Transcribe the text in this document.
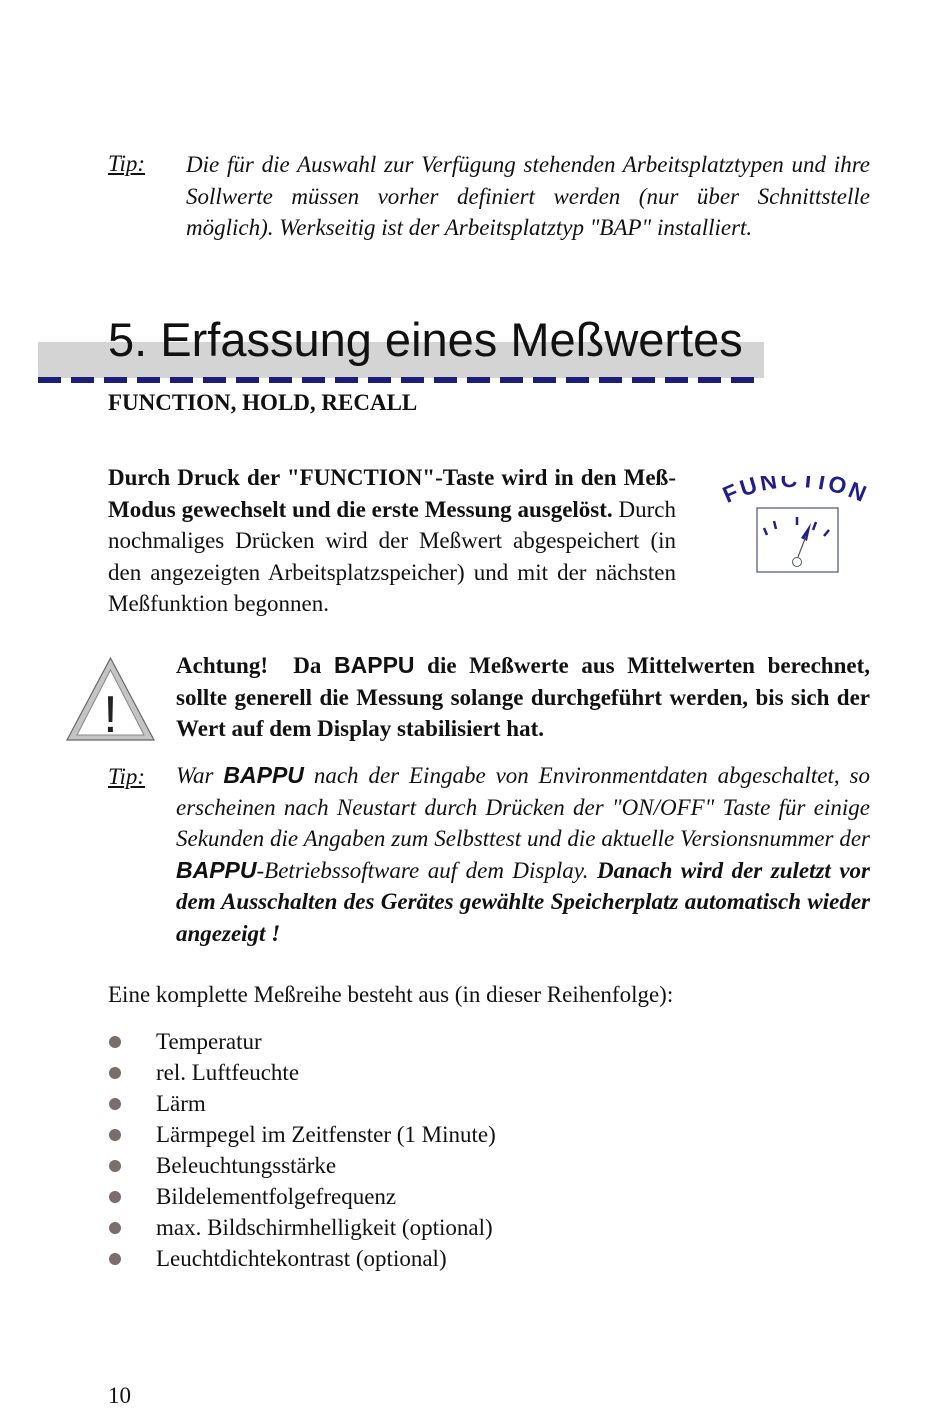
Tip: Die für die Auswahl zur Verfügung stehenden Arbeitsplatztypen und ihre Sollwerte müssen vorher definiert werden (nur über Schnittstelle möglich). Werkseitig ist der Arbeitsplatztyp "BAP" installiert.
5. Erfassung eines Meßwertes
FUNCTION, HOLD, RECALL
Durch Druck der "FUNCTION"-Taste wird in den Meß-Modus gewechselt und die erste Messung ausgelöst. Durch nochmaliges Drücken wird der Meßwert abgespeichert (in den angezeigten Arbeitsplatzspeicher) und mit der nächsten Meßfunktion begonnen.
FUNCTIO
!
Achtung! Da BAPPU die Meßwerte aus Mittelwerten berechnet, sollte generell die Messung solange durchgeführt werden, bis sich der Wert auf dem Display stabilisiert hat.
Tip: War BAPPU nach der Eingabe von Environmentdaten abgeschaltet, so erscheinen nach Neustart durch Drücken der "ON/OFF" Taste für einige Sekunden die Angaben zum Selbsttest und die aktuelle Versionsnummer der BAPPU-Betriebssoftware auf dem Display. Danach wird der zuletzt vor dem Ausschalten des Gerätes gewählte Speicherplatz automatisch wieder angezeigt !
Eine komplette Meßreihe besteht aus (in dieser Reihenfolge):
Temperatur
rel. Luftfeuchte
Lärm
Lärmpegel im Zeitfenster (1 Minute)
Beleuchtungsstärke
Bildelementfolgefrequenz
max. Bildschirmhelligkeit (optional)
Leuchtdichtekontrast (optional)
10
